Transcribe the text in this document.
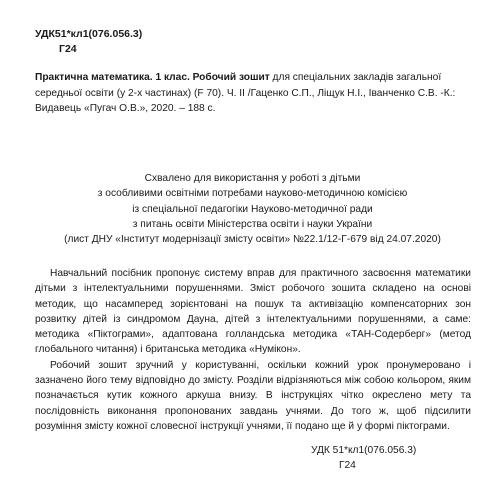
УДК51*кл1(076.056.3)
Г24
Практична математика. 1 клас. Робочий зошит для спеціальних закладів загальної середньої освіти (у 2-х частинах) (F 70). Ч. II /Гаценко С.П., Ліщук Н.І., Іванченко С.В. -К.: Видавець «Пугач О.В.», 2020. – 188 с.
Схвалено для використання у роботі з дітьми
з особливими освітніми потребами науково-методичною комісією
із спеціальної педагогіки Науково-методичної ради
з питань освіти Міністерства освіти і науки України
(лист ДНУ «Інститут модернізації змісту освіти» №22.1/12-Г-679 від 24.07.2020)

Навчальний посібник пропонує систему вправ для практичного засвоєння математики дітьми з інтелектуальними порушеннями. Зміст робочого зошита складено на основі методик, що насамперед зорієнтовані на пошук та активізацію компенсаторних зон розвитку дітей із синдромом Дауна, дітей з інтелектуальними порушеннями, а саме: методика «Піктограми», адаптована голландська методика «ТАН-Содерберг» (метод глобального читання) і британська методика «Нумікон».

Робочий зошит зручний у користуванні, оскільки кожний урок пронумеровано і зазначено його тему відповідно до змісту. Розділи відрізняються між собою кольором, яким позначається кутик кожного аркуша внизу. В інструкціях чітко окреслено мету та послідовність виконання пропонованих завдань учнями. До того ж, щоб підсилити розуміння змісту кожної словесної інструкції учнями, її подано ще й у формі піктограми.

УДК 51*кл1(076.056.3)
Г24
